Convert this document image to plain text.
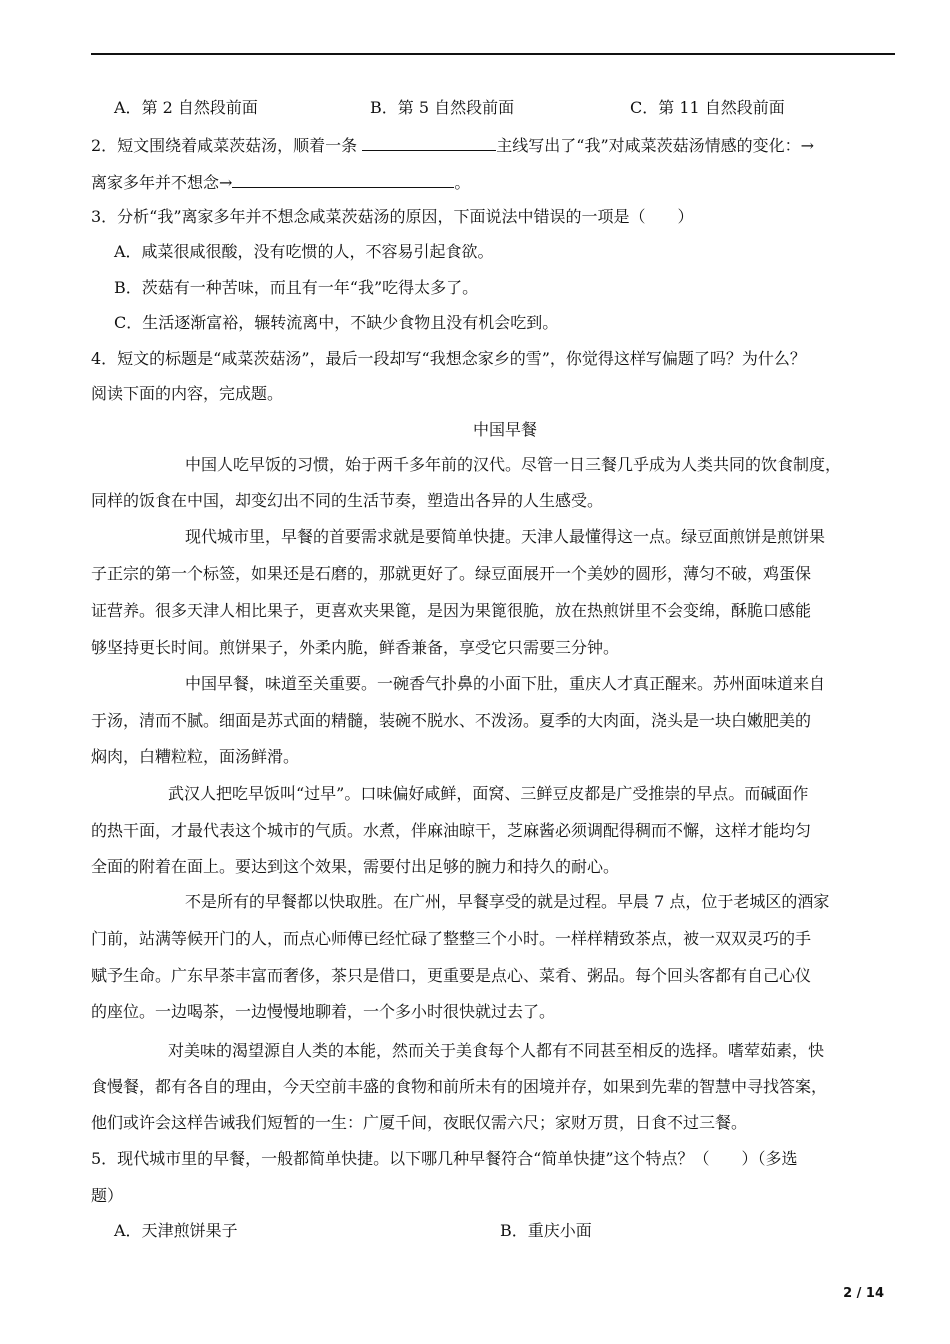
A．第 2 自然段前面	B．第 5 自然段前面	C．第 11 自然段前面
2．短文围绕着咸菜茨菇汤，顺着一条	主线写出了“我”对咸菜茨菇汤情感的变化：→
离家多年并不想念→	。
3．分析“我”离家多年并不想念咸菜茨菇汤的原因，下面说法中错误的一项是（　　）
A．咸菜很咸很酸，没有吃惯的人，不容易引起食欲。
B．茨菇有一种苦味，而且有一年“我”吃得太多了。
C．生活逐渐富裕，辗转流离中，不缺少食物且没有机会吃到。
4．短文的标题是“咸菜茨菇汤”，最后一段却写“我想念家乡的雪”，你觉得这样写偏题了吗？为什么？
阅读下面的内容，完成题。
中国早餐
中国人吃早饭的习惯，始于两千多年前的汉代。尽管一日三餐几乎成为人类共同的饮食制度，
同样的饭食在中国，却变幻出不同的生活节奏，塑造出各异的人生感受。
现代城市里，早餐的首要需求就是要简单快捷。天津人最懂得这一点。绿豆面煎饼是煎饼果
子正宗的第一个标签，如果还是石磨的，那就更好了。绿豆面展开一个美妙的圆形，薄匀不破，鸡蛋保
证营养。很多天津人相比果子，更喜欢夹果篦，是因为果篦很脆，放在热煎饼里不会变绵，酥脆口感能
够坚持更长时间。煎饼果子，外柔内脆，鲜香兼备，享受它只需要三分钟。
中国早餐，味道至关重要。一碗香气扑鼻的小面下肚，重庆人才真正醒来。苏州面味道来自
于汤，清而不腻。细面是苏式面的精髓，装碗不脱水、不泼汤。夏季的大肉面，浇头是一块白嫩肥美的
焖肉，白糟粒粒，面汤鲜滑。
武汉人把吃早饭叫“过早”。口味偏好咸鲜，面窝、三鲜豆皮都是广受推崇的早点。而碱面作
的热干面，才最代表这个城市的气质。水煮，伴麻油晾干，芝麻酱必须调配得稠而不懈，这样才能均匀
全面的附着在面上。要达到这个效果，需要付出足够的腕力和持久的耐心。
不是所有的早餐都以快取胜。在广州，早餐享受的就是过程。早晨 7 点，位于老城区的酒家
门前，站满等候开门的人，而点心师傅已经忙碌了整整三个小时。一样样精致茶点，被一双双灵巧的手
赋予生命。广东早茶丰富而奢侈，茶只是借口，更重要是点心、菜肴、粥品。每个回头客都有自己心仪
的座位。一边喝茶，一边慢慢地聊着，一个多小时很快就过去了。
对美味的渴望源自人类的本能，然而关于美食每个人都有不同甚至相反的选择。嗜荤茹素，快
食慢餐，都有各自的理由，今天空前丰盛的食物和前所未有的困境并存，如果到先辈的智慧中寻找答案，
他们或许会这样告诫我们短暂的一生：广厦千间，夜眠仅需六尺；家财万贯，日食不过三餐。
5．现代城市里的早餐，一般都简单快捷。以下哪几种早餐符合“简单快捷”这个特点？（　　）（多选
题）
A．天津煎饼果子	B．重庆小面
2 / 14
